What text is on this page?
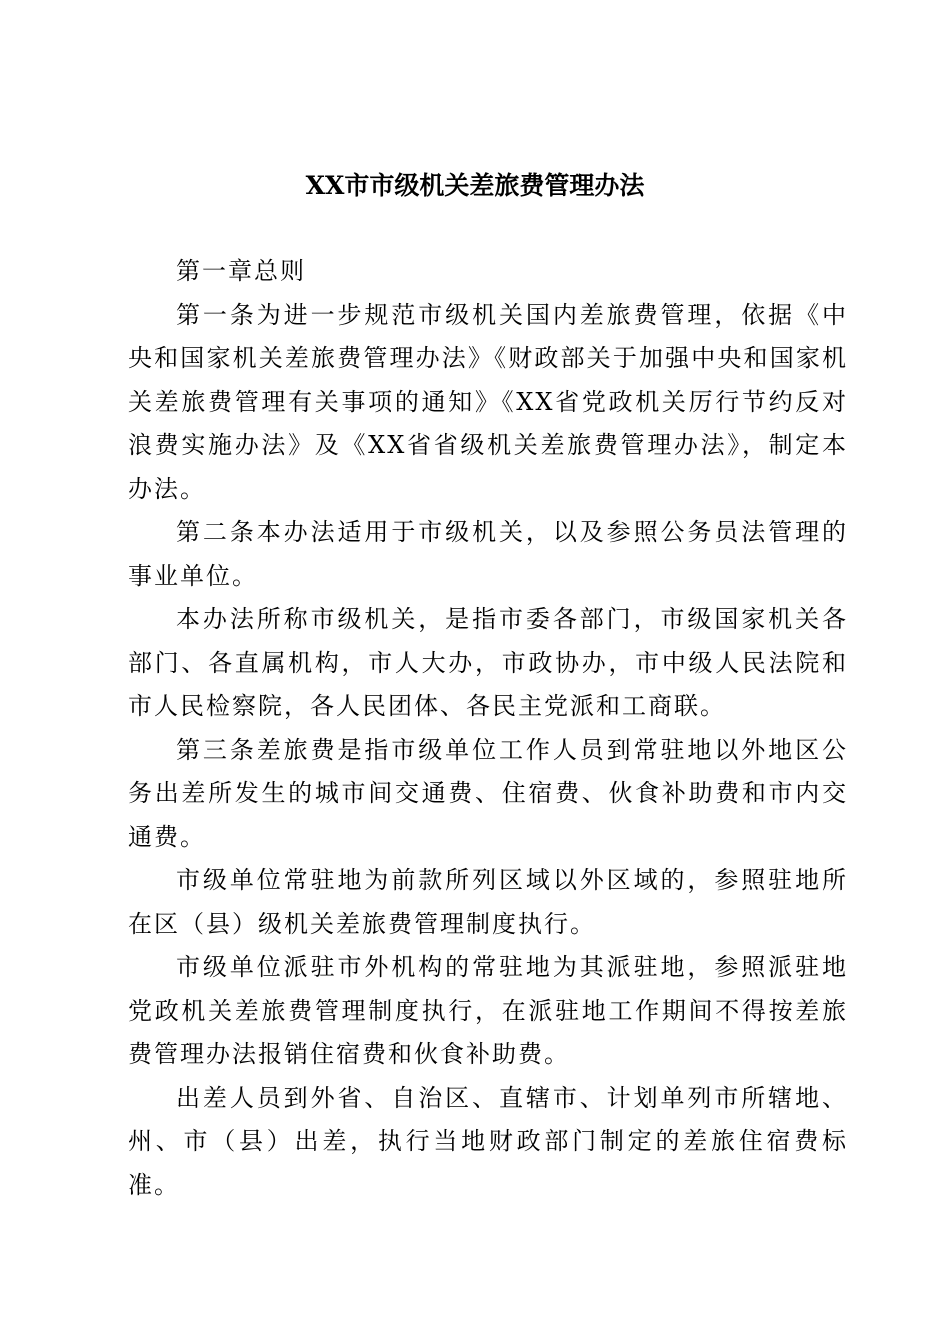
XX市市级机关差旅费管理办法

第一章总则

第一条为进一步规范市级机关国内差旅费管理，依据《中央和国家机关差旅费管理办法》《财政部关于加强中央和国家机关差旅费管理有关事项的通知》《XX省党政机关厉行节约反对浪费实施办法》及《XX省省级机关差旅费管理办法》，制定本办法。

第二条本办法适用于市级机关，以及参照公务员法管理的事业单位。

本办法所称市级机关，是指市委各部门，市级国家机关各部门、各直属机构，市人大办，市政协办，市中级人民法院和市人民检察院，各人民团体、各民主党派和工商联。

第三条差旅费是指市级单位工作人员到常驻地以外地区公务出差所发生的城市间交通费、住宿费、伙食补助费和市内交通费。

市级单位常驻地为前款所列区域以外区域的，参照驻地所在区（县）级机关差旅费管理制度执行。

市级单位派驻市外机构的常驻地为其派驻地，参照派驻地党政机关差旅费管理制度执行，在派驻地工作期间不得按差旅费管理办法报销住宿费和伙食补助费。

出差人员到外省、自治区、直辖市、计划单列市所辖地、州、市（县）出差，执行当地财政部门制定的差旅住宿费标准。
